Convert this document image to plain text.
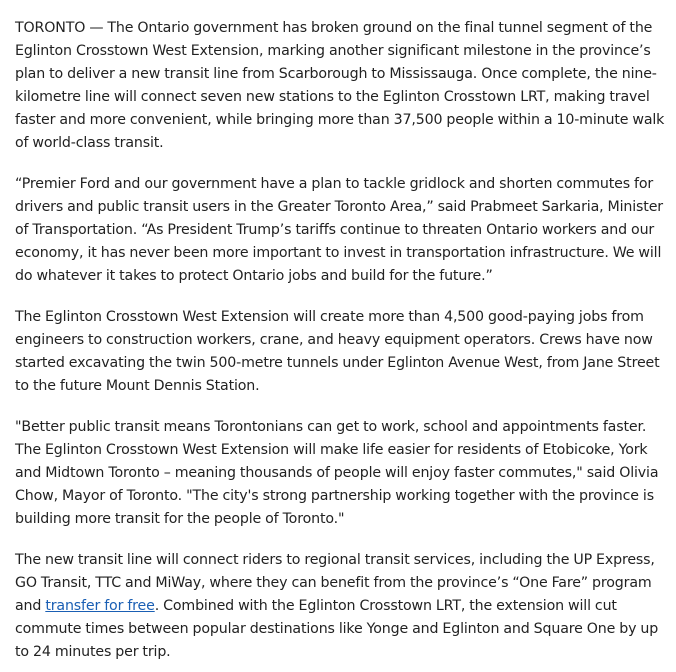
TORONTO — The Ontario government has broken ground on the final tunnel segment of the Eglinton Crosstown West Extension, marking another significant milestone in the province’s plan to deliver a new transit line from Scarborough to Mississauga. Once complete, the nine-kilometre line will connect seven new stations to the Eglinton Crosstown LRT, making travel faster and more convenient, while bringing more than 37,500 people within a 10-minute walk of world-class transit.

“Premier Ford and our government have a plan to tackle gridlock and shorten commutes for drivers and public transit users in the Greater Toronto Area,” said Prabmeet Sarkaria, Minister of Transportation. “As President Trump’s tariffs continue to threaten Ontario workers and our economy, it has never been more important to invest in transportation infrastructure. We will do whatever it takes to protect Ontario jobs and build for the future.”

The Eglinton Crosstown West Extension will create more than 4,500 good-paying jobs from engineers to construction workers, crane, and heavy equipment operators. Crews have now started excavating the twin 500-metre tunnels under Eglinton Avenue West, from Jane Street to the future Mount Dennis Station.

"Better public transit means Torontonians can get to work, school and appointments faster. The Eglinton Crosstown West Extension will make life easier for residents of Etobicoke, York and Midtown Toronto – meaning thousands of people will enjoy faster commutes," said Olivia Chow, Mayor of Toronto. "The city's strong partnership working together with the province is building more transit for the people of Toronto."

The new transit line will connect riders to regional transit services, including the UP Express, GO Transit, TTC and MiWay, where they can benefit from the province’s “One Fare” program and transfer for free. Combined with the Eglinton Crosstown LRT, the extension will cut commute times between popular destinations like Yonge and Eglinton and Square One by up to 24 minutes per trip.
